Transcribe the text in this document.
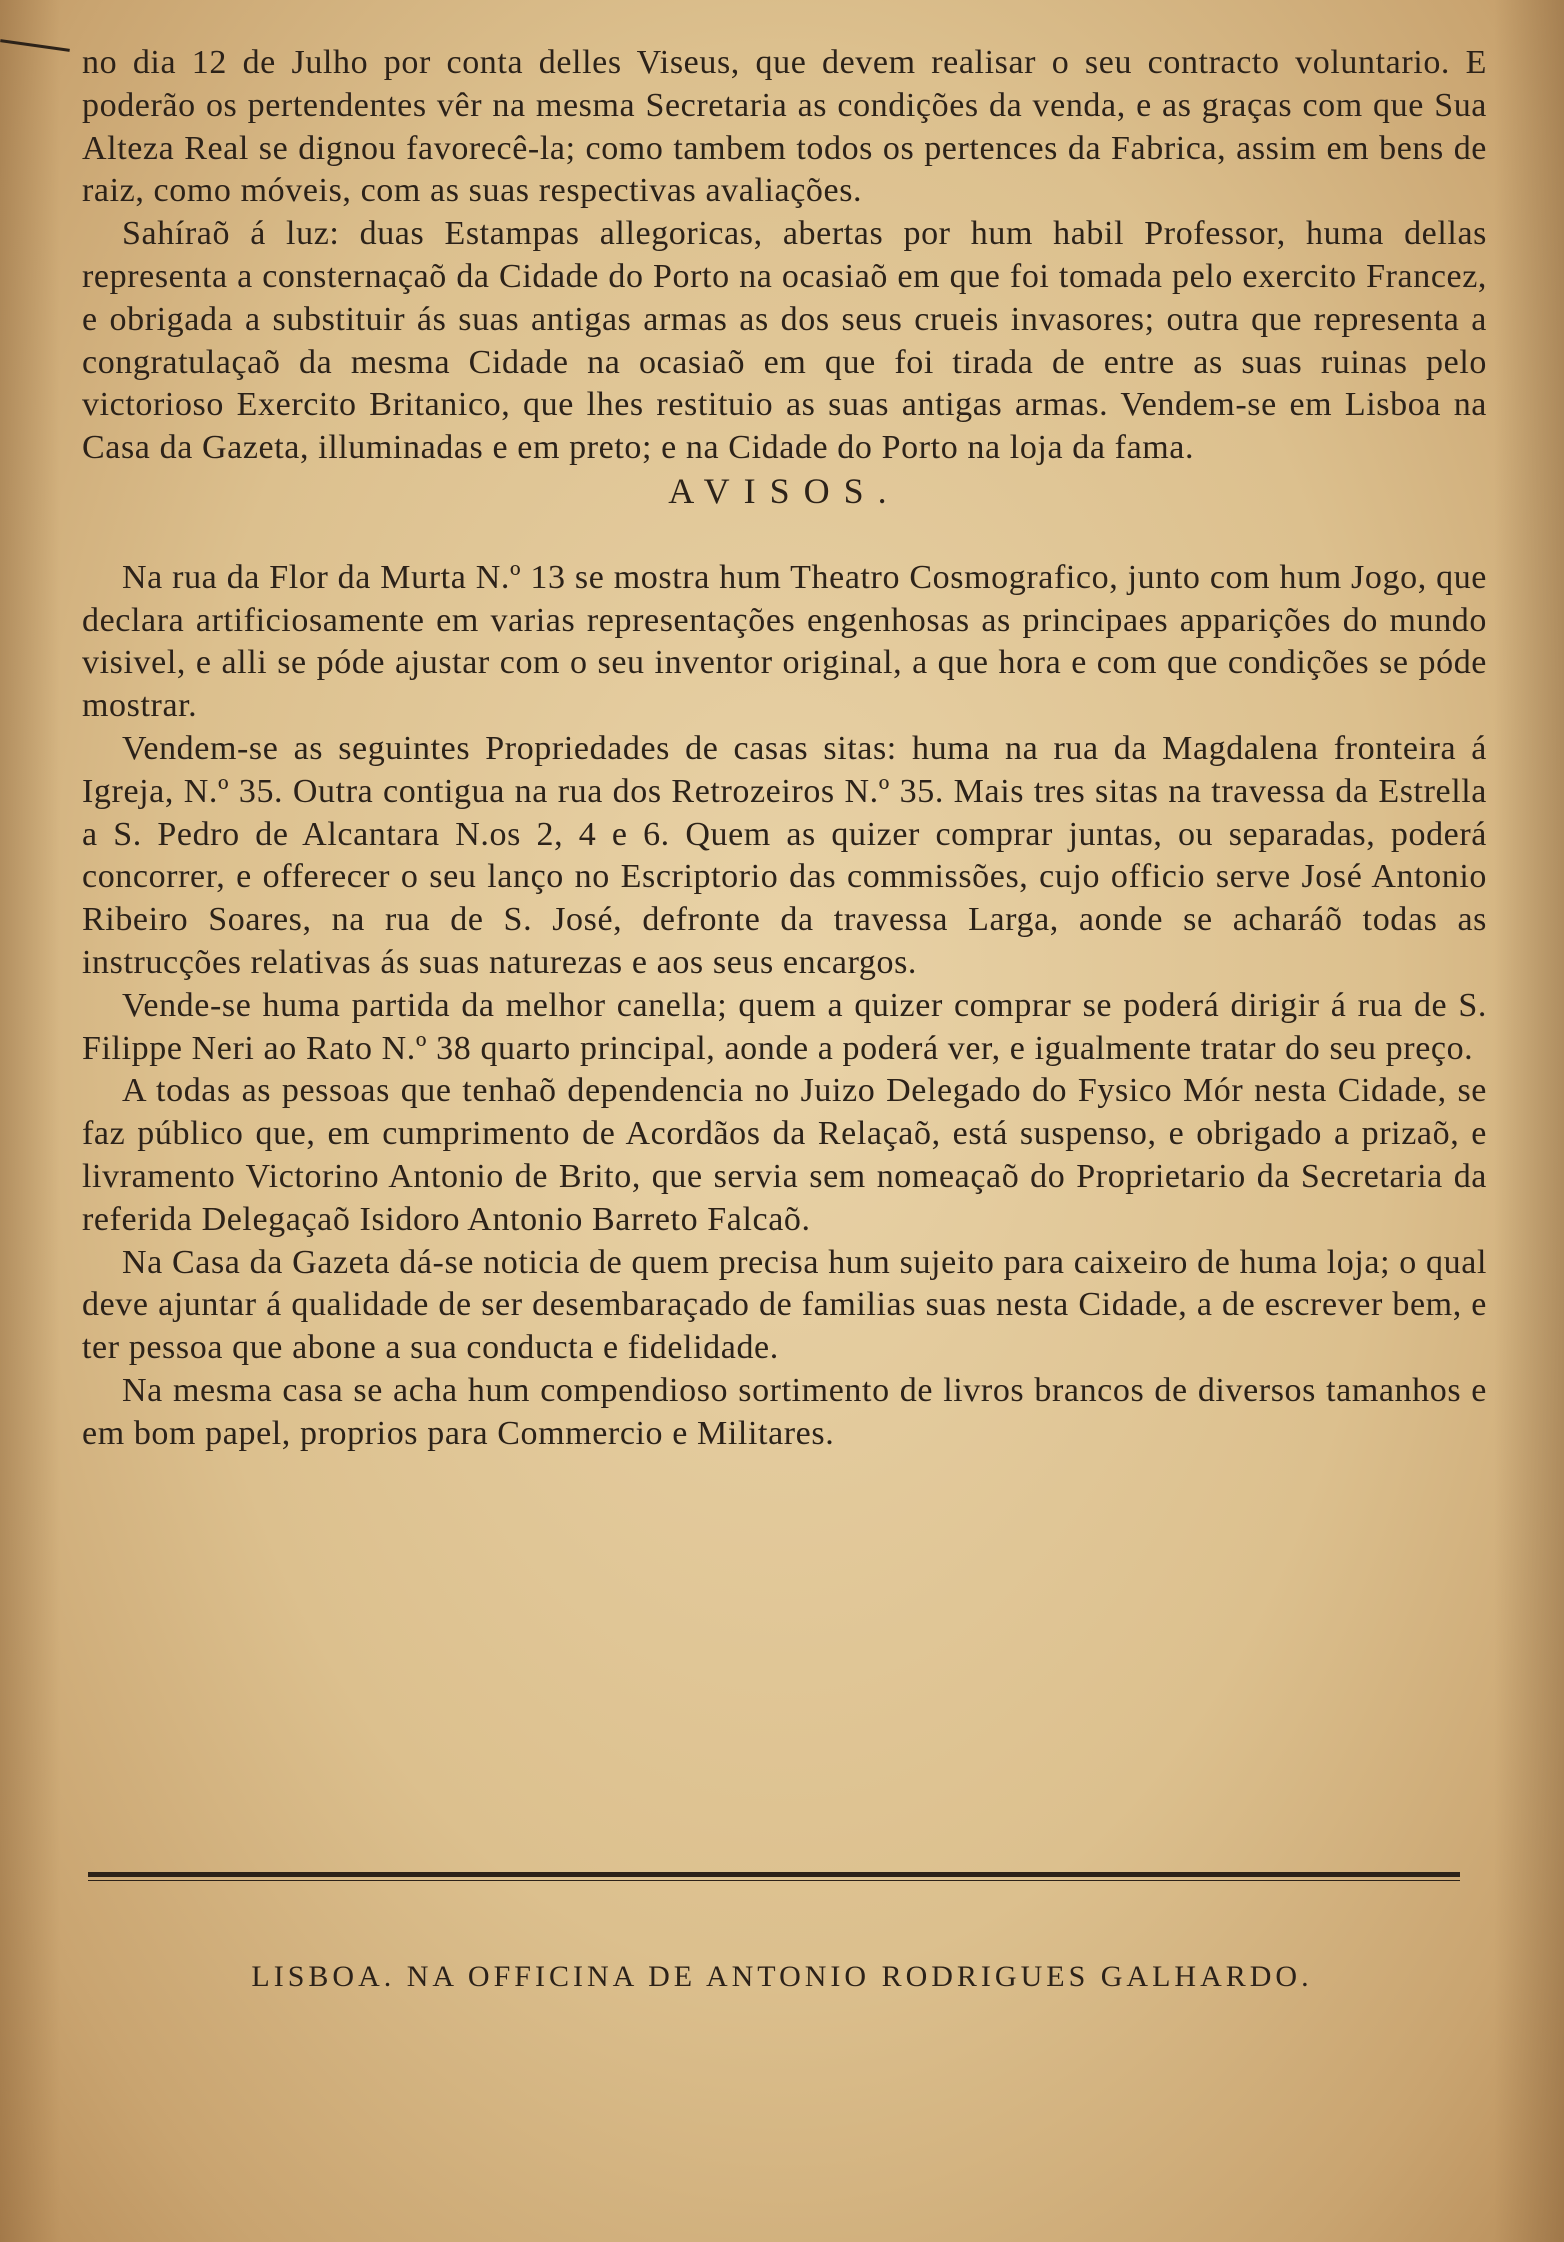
no dia 12 de Julho por conta delles Viseus, que devem realisar o seu contracto voluntario. E poderão os pertendentes vêr na mesma Secretaria as condições da venda, e as graças com que Sua Alteza Real se dignou favorecê-la; como tambem todos os pertences da Fabrica, assim em bens de raiz, como móveis, com as suas respectivas avaliações.

Sahíraõ á luz: duas Estampas allegoricas, abertas por hum habil Professor, huma dellas representa a consternaçaõ da Cidade do Porto na ocasiaõ em que foi tomada pelo exercito Francez, e obrigada a substituir ás suas antigas armas as dos seus crueis invasores; outra que representa a congratulaçaõ da mesma Cidade na ocasiaõ em que foi tirada de entre as suas ruinas pelo victorioso Exercito Britanico, que lhes restituio as suas antigas armas. Vendem-se em Lisboa na Casa da Gazeta, illuminadas e em preto; e na Cidade do Porto na loja da fama.

AVISOS.

Na rua da Flor da Murta N.º 13 se mostra hum Theatro Cosmografico, junto com hum Jogo, que declara artificiosamente em varias representações engenhosas as principaes apparições do mundo visivel, e alli se póde ajustar com o seu inventor original, a que hora e com que condições se póde mostrar.

Vendem-se as seguintes Propriedades de casas sitas: huma na rua da Magdalena fronteira á Igreja, N.º 35. Outra contigua na rua dos Retrozeiros N.º 35. Mais tres sitas na travessa da Estrella a S. Pedro de Alcantara N.os 2, 4 e 6. Quem as quizer comprar juntas, ou separadas, poderá concorrer, e offerecer o seu lanço no Escriptorio das commissões, cujo officio serve José Antonio Ribeiro Soares, na rua de S. José, defronte da travessa Larga, aonde se acharáõ todas as instrucções relativas ás suas naturezas e aos seus encargos.

Vende-se huma partida da melhor canella; quem a quizer comprar se poderá dirigir á rua de S. Filippe Neri ao Rato N.º 38 quarto principal, aonde a poderá ver, e igualmente tratar do seu preço.

A todas as pessoas que tenhaõ dependencia no Juizo Delegado do Fysico Mór nesta Cidade, se faz público que, em cumprimento de Acordãos da Relaçaõ, está suspenso, e obrigado a prizaõ, e livramento Victorino Antonio de Brito, que servia sem nomeaçaõ do Proprietario da Secretaria da referida Delegaçaõ Isidoro Antonio Barreto Falcaõ.

Na Casa da Gazeta dá-se noticia de quem precisa hum sujeito para caixeiro de huma loja; o qual deve ajuntar á qualidade de ser desembaraçado de familias suas nesta Cidade, a de escrever bem, e ter pessoa que abone a sua conducta e fidelidade.

Na mesma casa se acha hum compendioso sortimento de livros brancos de diversos tamanhos e em bom papel, proprios para Commercio e Militares.

LISBOA. NA OFFICINA DE ANTONIO RODRIGUES GALHARDO.
